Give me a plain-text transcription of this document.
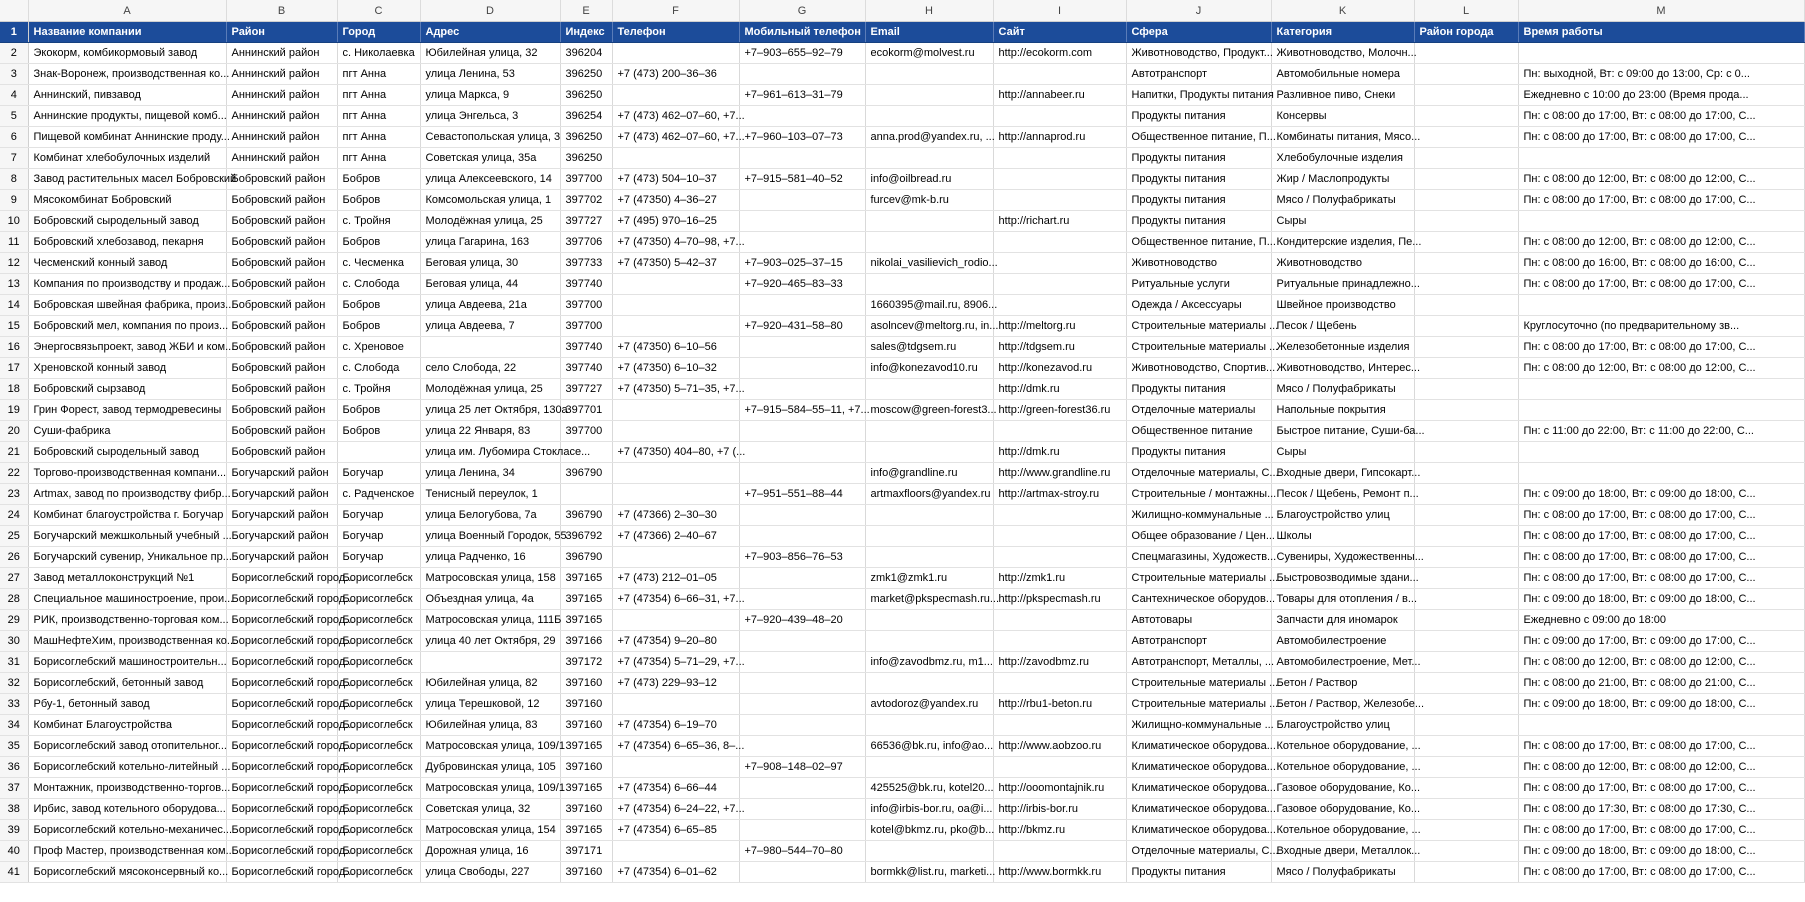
	A	B	C	D	E	F	G	H	I	J	K	L	M
1	Название компании	Район	Город	Адрес	Индекс	Телефон	Мобильный телефон	Email	Сайт	Сфера	Категория	Район города	Время работы
2	Экокорм, комбикормовый завод	Аннинский район	с. Николаевка	Юбилейная улица, 32	396204		+7‒903‒655‒92‒79	ecokorm@molvest.ru	http://ecokorm.com	Животноводство, Продукт...	Животноводство, Молочн...		
3	Знак-Воронеж, производственная ко...	Аннинский район	пгт Анна	улица Ленина, 53	396250	+7 (473) 200‒36‒36				Автотранспорт	Автомобильные номера		Пн: выходной, Вт: с 09:00 до 13:00, Ср: с 0...
4	Аннинский, пивзавод	Аннинский район	пгт Анна	улица Маркса, 9	396250		+7‒961‒613‒31‒79		http://annabeer.ru	Напитки, Продукты питания	Разливное пиво, Снеки		Ежедневно с 10:00 до 23:00 (Время прода...
5	Аннинские продукты, пищевой комб...	Аннинский район	пгт Анна	улица Энгельса, 3	396254	+7 (473) 462‒07‒60, +7...				Продукты питания	Консервы		Пн: с 08:00 до 17:00, Вт: с 08:00 до 17:00, С...
6	Пищевой комбинат Аннинские проду...	Аннинский район	пгт Анна	Севастопольская улица, 3	396250	+7 (473) 462‒07‒60, +7...	+7‒960‒103‒07‒73	anna.prod@yandex.ru, ...	http://annaprod.ru	Общественное питание, П...	Комбинаты питания, Мясо...		Пн: с 08:00 до 17:00, Вт: с 08:00 до 17:00, С...
7	Комбинат хлебобулочных изделий	Аннинский район	пгт Анна	Советская улица, 35а	396250					Продукты питания	Хлебобулочные изделия		
8	Завод растительных масел Бобровский	Бобровский район	Бобров	улица Алексеевского, 14	397700	+7 (473) 504‒10‒37	+7‒915‒581‒40‒52	info@oilbread.ru		Продукты питания	Жир / Маслопродукты		Пн: с 08:00 до 12:00, Вт: с 08:00 до 12:00, С...
9	Мясокомбинат Бобровский	Бобровский район	Бобров	Комсомольская улица, 1	397702	+7 (47350) 4‒36‒27		furcev@mk-b.ru		Продукты питания	Мясо / Полуфабрикаты		Пн: с 08:00 до 17:00, Вт: с 08:00 до 17:00, С...
10	Бобровский сыродельный завод	Бобровский район	с. Тройня	Молодёжная улица, 25	397727	+7 (495) 970‒16‒25			http://richart.ru	Продукты питания	Сыры		
11	Бобровский хлебозавод, пекарня	Бобровский район	Бобров	улица Гагарина, 163	397706	+7 (47350) 4‒70‒98, +7...				Общественное питание, П...	Кондитерские изделия, Пе...		Пн: с 08:00 до 12:00, Вт: с 08:00 до 12:00, С...
12	Чесменский конный завод	Бобровский район	с. Чесменка	Беговая улица, 30	397733	+7 (47350) 5‒42‒37	+7‒903‒025‒37‒15	nikolai_vasilievich_rodio...		Животноводство	Животноводство		Пн: с 08:00 до 16:00, Вт: с 08:00 до 16:00, С...
13	Компания по производству и продаж...	Бобровский район	с. Слобода	Беговая улица, 44	397740		+7‒920‒465‒83‒33			Ритуальные услуги	Ритуальные принадлежно...		Пн: с 08:00 до 17:00, Вт: с 08:00 до 17:00, С...
14	Бобровская швейная фабрика, произ...	Бобровский район	Бобров	улица Авдеева, 21а	397700			1660395@mail.ru, 8906...		Одежда / Аксессуары	Швейное производство		
15	Бобровский мел, компания по произ...	Бобровский район	Бобров	улица Авдеева, 7	397700		+7‒920‒431‒58‒80	asolncev@meltorg.ru, in...	http://meltorg.ru	Строительные материалы ...	Песок / Щебень		Круглосуточно (по предварительному зв...
16	Энергосвязьпроект, завод ЖБИ и ком...	Бобровский район	с. Хреновое		397740	+7 (47350) 6‒10‒56		sales@tdgsem.ru	http://tdgsem.ru	Строительные материалы ...	Железобетонные изделия		Пн: с 08:00 до 17:00, Вт: с 08:00 до 17:00, С...
17	Хреновской конный завод	Бобровский район	с. Слобода	село Слобода, 22	397740	+7 (47350) 6‒10‒32		info@konezavod10.ru	http://konezavod.ru	Животноводство, Спортив...	Животноводство, Интерес...		Пн: с 08:00 до 12:00, Вт: с 08:00 до 12:00, С...
18	Бобровский сырзавод	Бобровский район	с. Тройня	Молодёжная улица, 25	397727	+7 (47350) 5‒71‒35, +7...			http://dmk.ru	Продукты питания	Мясо / Полуфабрикаты		
19	Грин Форест, завод термодревесины	Бобровский район	Бобров	улица 25 лет Октября, 130а	397701		+7‒915‒584‒55‒11, +7...	moscow@green-forest3...	http://green-forest36.ru	Отделочные материалы	Напольные покрытия		
20	Суши-фабрика	Бобровский район	Бобров	улица 22 Января, 83	397700					Общественное питание	Быстрое питание, Суши-ба...		Пн: с 11:00 до 22:00, Вт: с 11:00 до 22:00, С...
21	Бобровский сыродельный завод	Бобровский район		улица им. Лубомира Стокласе...		+7 (47350) 404‒80, +7 (...			http://dmk.ru	Продукты питания	Сыры		
22	Торгово-производственная компани...	Богучарский район	Богучар	улица Ленина, 34	396790			info@grandline.ru	http://www.grandline.ru	Отделочные материалы, С...	Входные двери, Гипсокарт...		
23	Artmax, завод по производству фибр...	Богучарский район	с. Радченское	Тенисный переулок, 1			+7‒951‒551‒88‒44	artmaxfloors@yandex.ru	http://artmax-stroy.ru	Строительные / монтажны...	Песок / Щебень, Ремонт п...		Пн: с 09:00 до 18:00, Вт: с 09:00 до 18:00, С...
24	Комбинат благоустройства г. Богучар	Богучарский район	Богучар	улица Белогубова, 7а	396790	+7 (47366) 2‒30‒30				Жилищно-коммунальные ...	Благоустройство улиц		Пн: с 08:00 до 17:00, Вт: с 08:00 до 17:00, С...
25	Богучарский межшкольный учебный ...	Богучарский район	Богучар	улица Военный Городок, 55	396792	+7 (47366) 2‒40‒67				Общее образование / Цен...	Школы		Пн: с 08:00 до 17:00, Вт: с 08:00 до 17:00, С...
26	Богучарский сувенир, Уникальное пр...	Богучарский район	Богучар	улица Радченко, 16	396790		+7‒903‒856‒76‒53			Спецмагазины, Художеств...	Сувениры, Художественны...		Пн: с 08:00 до 17:00, Вт: с 08:00 до 17:00, С...
27	Завод металлоконструкций №1	Борисоглебский город...	Борисоглебск	Матросовская улица, 158	397165	+7 (473) 212‒01‒05		zmk1@zmk1.ru	http://zmk1.ru	Строительные материалы ...	Быстровозводимые здани...		Пн: с 08:00 до 17:00, Вт: с 08:00 до 17:00, С...
28	Специальное машиностроение, прои...	Борисоглебский город...	Борисоглебск	Объездная улица, 4а	397165	+7 (47354) 6‒66‒31, +7...		market@pkspecmash.ru...	http://pkspecmash.ru	Сантехническое оборудов...	Товары для отопления / в...		Пн: с 09:00 до 18:00, Вт: с 09:00 до 18:00, С...
29	РИК, производственно-торговая ком...	Борисоглебский город...	Борисоглебск	Матросовская улица, 111Б	397165		+7‒920‒439‒48‒20			Автотовары	Запчасти для иномарок		Ежедневно с 09:00 до 18:00
30	МашНефтеХим, производственная ко...	Борисоглебский город...	Борисоглебск	улица 40 лет Октября, 29	397166	+7 (47354) 9‒20‒80				Автотранспорт	Автомобилестроение		Пн: с 09:00 до 17:00, Вт: с 09:00 до 17:00, С...
31	Борисоглебский машиностроительн...	Борисоглебский город...	Борисоглебск		397172	+7 (47354) 5‒71‒29, +7...		info@zavodbmz.ru, m1...	http://zavodbmz.ru	Автотранспорт, Металлы, ...	Автомобилестроение, Мет...		Пн: с 08:00 до 12:00, Вт: с 08:00 до 12:00, С...
32	Борисоглебский, бетонный завод	Борисоглебский город...	Борисоглебск	Юбилейная улица, 82	397160	+7 (473) 229‒93‒12				Строительные материалы ...	Бетон / Раствор		Пн: с 08:00 до 21:00, Вт: с 08:00 до 21:00, С...
33	Рбу-1, бетонный завод	Борисоглебский город...	Борисоглебск	улица Терешковой, 12	397160			avtodoroz@yandex.ru	http://rbu1-beton.ru	Строительные материалы ...	Бетон / Раствор, Железобе...		Пн: с 09:00 до 18:00, Вт: с 09:00 до 18:00, С...
34	Комбинат Благоустройства	Борисоглебский город...	Борисоглебск	Юбилейная улица, 83	397160	+7 (47354) 6‒19‒70				Жилищно-коммунальные ...	Благоустройство улиц		
35	Борисоглебский завод отопительног...	Борисоглебский город...	Борисоглебск	Матросовская улица, 109/1	397165	+7 (47354) 6‒65‒36, 8‒...		66536@bk.ru, info@ao...	http://www.aobzoo.ru	Климатическое оборудова...	Котельное оборудование, ...		Пн: с 08:00 до 17:00, Вт: с 08:00 до 17:00, С...
36	Борисоглебский котельно-литейный ...	Борисоглебский город...	Борисоглебск	Дубровинская улица, 105	397160		+7‒908‒148‒02‒97			Климатическое оборудова...	Котельное оборудование, ...		Пн: с 08:00 до 12:00, Вт: с 08:00 до 12:00, С...
37	Монтажник, производственно-торгов...	Борисоглебский город...	Борисоглебск	Матросовская улица, 109/1	397165	+7 (47354) 6‒66‒44		425525@bk.ru, kotel20...	http://ooomontajnik.ru	Климатическое оборудова...	Газовое оборудование, Ко...		Пн: с 08:00 до 17:00, Вт: с 08:00 до 17:00, С...
38	Ирбис, завод котельного оборудова...	Борисоглебский город...	Борисоглебск	Советская улица, 32	397160	+7 (47354) 6‒24‒22, +7...		info@irbis-bor.ru, oa@i...	http://irbis-bor.ru	Климатическое оборудова...	Газовое оборудование, Ко...		Пн: с 08:00 до 17:30, Вт: с 08:00 до 17:30, С...
39	Борисоглебский котельно-механичес...	Борисоглебский город...	Борисоглебск	Матросовская улица, 154	397165	+7 (47354) 6‒65‒85		kotel@bkmz.ru, pko@b...	http://bkmz.ru	Климатическое оборудова...	Котельное оборудование, ...		Пн: с 08:00 до 17:00, Вт: с 08:00 до 17:00, С...
40	Проф Мастер, производственная ком...	Борисоглебский город...	Борисоглебск	Дорожная улица, 16	397171		+7‒980‒544‒70‒80			Отделочные материалы, С...	Входные двери, Металлок...		Пн: с 09:00 до 18:00, Вт: с 09:00 до 18:00, С...
41	Борисоглебский мясоконсервный ко...	Борисоглебский город...	Борисоглебск	улица Свободы, 227	397160	+7 (47354) 6‒01‒62		bormkk@list.ru, marketi...	http://www.bormkk.ru	Продукты питания	Мясо / Полуфабрикаты		Пн: с 08:00 до 17:00, Вт: с 08:00 до 17:00, С...
